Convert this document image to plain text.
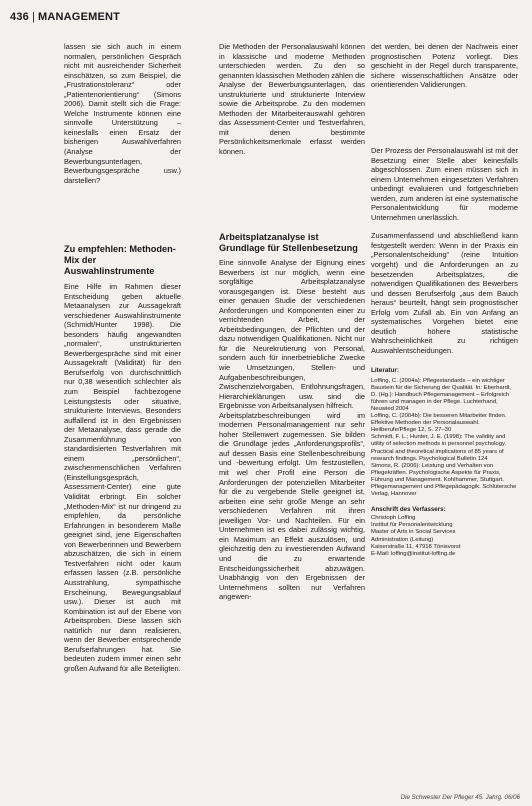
436 | MANAGEMENT

lassen sie sich auch in einem normalen, persönlichen Gespräch nicht mit ausreichender Sicherheit einschätzen, so zum Beispiel, die „Frustrationstoleranz“ oder „Patientenorientierung“ (Simons 2006). Damit stellt sich die Frage: Welche Instrumente können eine sinnvolle Unterstützung – keinesfalls einen Ersatz der bisherigen Auswahlverfahren (Analyse der Bewerbungsunterlagen, Bewerbungsgespräche usw.) darstellen?

Zu empfehlen: Methoden-Mix der Auswahlinstrumente

Eine Hilfe im Rahmen dieser Entscheidung geben aktuelle Metaanalysen zur Aussagekraft verschiedener Auswahlinstrumente (Schmidt/Hunter 1998). Die besonders häufig angewandten „normalen“, unstrukturierten Bewerbergespräche sind mit einer Aussagekraft (Validität) für den Berufserfolg von durchschnittlich nur 0,38 wesentlich schlechter als zum Beispiel fachbezogene Leistungstests oder situative, strukturierte Interviews. Besonders auffallend ist in den Ergebnissen der Metaanalyse, dass gerade die Zusammenführung von standardisierten Testverfahren mit einem „persönlichen“, zwischenmenschlichen Verfahren (Einstellungsgespräch, Assessment-Center) eine gute Validität erbringt. Ein solcher „Methoden-Mix“ ist nur dringend zu empfehlen, da persönliche Erfahrungen in besonderem Maße geeignet sind, jene Eigenschaften von Bewerberinnen und Bewerbern abzuschätzen, die sich in einem Testverfahren nicht oder kaum erfassen lassen (z.B. persönliche Ausstrahlung, sympathische Erscheinung, Bewegungsablauf usw.). Dieser ist auch mit Kombination ist auf der Ebene von Arbeitsproben. Diese lassen sich natürlich nur dann realisieren, wenn der Bewerber entsprechende Berufserfahrungen hat. Sie bedeuten zudem immer einen sehr großen Aufwand für alle Beteiligten.

Die Methoden der Personalauswahl können in klassische und moderne Methoden unterschieden werden. Zu den so genannten klassischen Methoden zählen die Analyse der Bewerbungsunterlagen, das unstrukturierte und strukturierte Interview sowie die Arbeitsprobe. Zu den modernen Methoden der Mitarbeiterauswahl gehören das Assessment-Center und Testverfahren, mit denen bestimmte Persönlichkeitsmerkmale erfasst werden können.

Arbeitsplatzanalyse ist Grundlage für Stellenbesetzung

Eine sinnvolle Analyse der Eignung eines Bewerbers ist nur möglich, wenn eine sorgfältige Arbeitsplatzanalyse vorausgegangen ist. Diese besteht aus einer genauen Studie der verschiedenen Anforderungen und Komponenten einer zu verrichtenden Arbeit, der Arbeitsbedingungen, der Pflichten und der dazu notwendigen Qualifikationen. Nicht nur für die Neurekrutierung von Personal, sondern auch für innerbetriebliche Zwecke wie Umsetzungen, Stellen- und Aufgabenbeschreibungen, Zwischenzielvorgaben, Entlohnungsfragen, Hierarchieklärungen usw. sind die Ergebnisse von Arbeitsanalysen hilfreich.

Arbeitsplatzbeschreibungen wird im modernen Personalmanagement nur sehr hoher Stellenwert zugemessen. Sie bilden die Grundlage jedes „Anforderungsprofils“, auf dessen Basis eine Stellenbeschreibung und -bewertung erfolgt. Um festzustellen, mit wel cher Profil eine Person die Anforderungen der potenziellen Mitarbeiter für die zu vergebende Stelle geeignet ist, arbeiten eine sehr große Menge an sehr verschiedenen Verfahren mit ihren jeweiligen Vor- und Nachteilen. Für ein Unternehmen ist es dabei zulässig wichtig, ein Maximum an Effekt auszulösen, und gleichzeitig den zu investierenden Aufwand und die zu erwartende Entscheidungssicherheit abzuwägen. Unabhängig von den Ergebnissen der Unternehmens sollten nur Verfahren angewen-

det werden, bei denen der Nachweis einer prognostischen Potenz vorliegt. Dies geschieht in der Regel durch transparente, sichere wissenschaftlichen Ansätze oder orientierenden Validierungen.

Der Prozess der Personalauswahl ist mit der Besetzung einer Stelle aber keinesfalls abgeschlossen. Zum einen müssen sich in einem Unternehmen eingesetzten Verfahren unbedingt evaluieren und fortgeschrieben werden, zum anderen ist eine systematische Personalentwicklung für moderne Unternehmen unerlässlich.

Zusammenfassend und abschließend kann festgestellt werden: Wenn in der Praxis ein „Personalentscheidung“ (reine Intuition vorgeht) und die Anforderungen an zu besetzenden Arbeitsplatzes, die notwendigen Qualifikationen des Bewerbers und dessen Berufserfolg „aus dem Bauch heraus“ beurteilt, hängt sein prognostischer Erfolg vom Zufall ab. Ein von Anfang an systematisches Vorgehen bietet eine deutlich höhere statistische Wahrscheinlichkeit zu richtigen Auswahlentscheidungen.

Literatur:

Loffing, C. (2004a): Pflegestandards – ein wichtiger Baustein für die Sicherung der Qualität. In: Eberhardt, D. (Hg.): Handbuch Pflegemanagement – Erfolgreich führen und managen in der Pflege. Luchterhand, Neuwied 2004

Loffing, C. (2004b): Die besseren Mitarbeiter finden. Effektive Methoden der Personalauswahl. Heilberufe/Pflege 12, S. 27–30

Schmidt, F. L.; Hunter, J. E. (1998): The validity and utility of selection methods in personnel psychology. Practical and theoretical implications of 85 years of research findings. Psychological Bulletin 124

Simons, R. (2006): Leistung und Verhalten von Pflegekräften. Psychologische Aspekte für Praxis, Führung und Management. Kohlhammer, Stuttgart. Pflegemanagement und Pflegepädagogik. Schlütersche Verlag, Hannover

Anschrift des Verfassers:
Christoph Loffing
Institut für Personalentwicklung
Master of Arts in Social Services
Administration (Leitung)
Kaiserstraße 11, 47918 Tönisvorst
E-Mail: loffing@institut-loffing.de
Die Schwester Der Pfleger 45. Jahrg. 06/06
